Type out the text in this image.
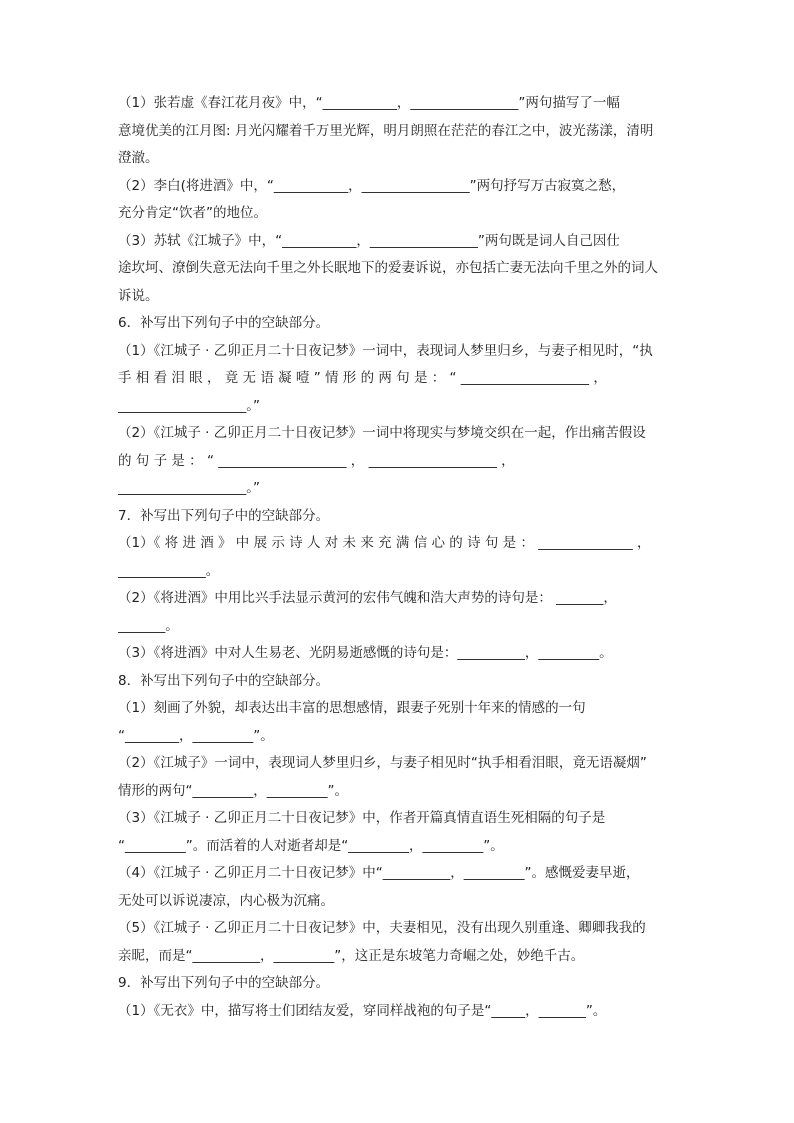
（1）张若虚《春江花月夜》中，“___________，________________”两句描写了一幅
意境优美的江月图: 月光闪耀着千万里光辉，明月朗照在茫茫的春江之中，波光荡漾，清明
澄澈。
（2）李白(将进酒》中，“___________，________________”两句抒写万古寂寞之愁，
充分肯定“饮者”的地位。
（3）苏轼《江城子》中，“___________，________________”两句既是词人自己因仕
途坎坷、潦倒失意无法向千里之外长眠地下的爱妻诉说，亦包括亡妻无法向千里之外的词人
诉说。
6．补写出下列句子中的空缺部分。
（1）《江城子 · 乙卯正月二十日夜记梦》一词中，表现词人梦里归乡，与妻子相见时，“执
手 相 看 泪 眼 ， 竟 无 语 凝 噎 ” 情 形 的 两 句 是 ： “ ___________________ ，
___________________。”
（2）《江城子 · 乙卯正月二十日夜记梦》一词中将现实与梦境交织在一起，作出痛苦假设
的 句 子 是 ： “ ___________________ ， ___________________ ，
___________________。”
7．补写出下列句子中的空缺部分。
（1）《 将 进 酒 》 中 展 示 诗 人 对 未 来 充 满 信 心 的 诗 句 是 ： ______________ ，
_____________。
（2）《将进酒》中用比兴手法显示黄河的宏伟气魄和浩大声势的诗句是： _______，
_______。
（3）《将进酒》中对人生易老、光阴易逝感慨的诗句是：__________，_________。
8．补写出下列句子中的空缺部分。
（1）刻画了外貌，却表达出丰富的思想感情，跟妻子死别十年来的情感的一句
“________，_________”。
（2）《江城子》一词中，表现词人梦里归乡，与妻子相见时“执手相看泪眼，竟无语凝烟”
情形的两句“_________，_________”。
（3）《江城子 · 乙卯正月二十日夜记梦》中，作者开篇真情直语生死相隔的句子是
“_________”。而活着的人对逝者却是“_________，_________”。
（4）《江城子 · 乙卯正月二十日夜记梦》中“__________，_________”。感慨爱妻早逝，
无处可以诉说凄凉，内心极为沉痛。
（5）《江城子 · 乙卯正月二十日夜记梦》中，夫妻相见，没有出现久别重逢、卿卿我我的
亲昵，而是“__________，_________”，这正是东坡笔力奇崛之处，妙绝千古。
9．补写出下列句子中的空缺部分。
（1）《无衣》中，描写将士们团结友爱，穿同样战袍的句子是“_____，_______”。
